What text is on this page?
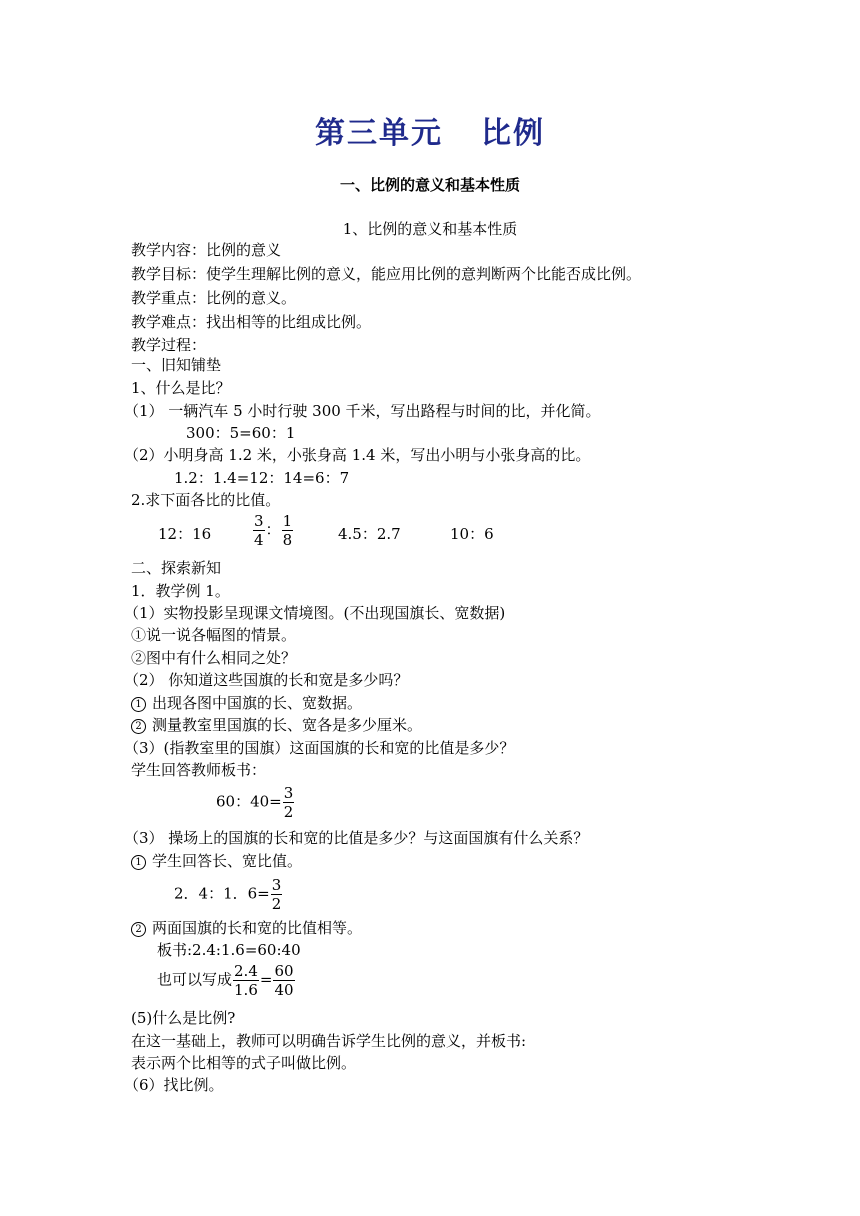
第三单元 比例
一、比例的意义和基本性质
1、比例的意义和基本性质
教学内容：比例的意义
教学目标：使学生理解比例的意义，能应用比例的意判断两个比能否成比例。
教学重点：比例的意义。
教学难点：找出相等的比组成比例。
教学过程：
一、旧知铺垫
1、什么是比？
（1） 一辆汽车 5 小时行驶 300 千米，写出路程与时间的比，并化简。
300：5=60：1
（2）小明身高 1.2 米，小张身高 1.4 米，写出小明与小张身高的比。
1.2：1.4=12：14=6：7
2.求下面各比的比值。
12：16	$\frac{3}{4}$ ： $\frac{1}{8}$	4.5：2.7	10：6
二、探索新知
1．教学例 1。
（1）实物投影呈现课文情境图。(不出现国旗长、宽数据)
①说一说各幅图的情景。
②图中有什么相同之处？
（2） 你知道这些国旗的长和宽是多少吗？
1 出现各图中国旗的长、宽数据。
2 测量教室里国旗的长、宽各是多少厘米。
（3）(指教室里的国旗）这面国旗的长和宽的比值是多少？
学生回答教师板书：
60：$40= \frac{3}{2}$
（3） 操场上的国旗的长和宽的比值是多少？与这面国旗有什么关系？
1 学生回答长、宽比值。
2．4：1．$6= \frac{3}{2}$
2 两面国旗的长和宽的比值相等。
板书:2.4:1.6=60:40
也可以写成 $\frac{2.4}{1.6} = \frac{60}{40}$
(5)什么是比例?
在这一基础上，教师可以明确告诉学生比例的意义，并板书:
表示两个比相等的式子叫做比例。
（6）找比例。
